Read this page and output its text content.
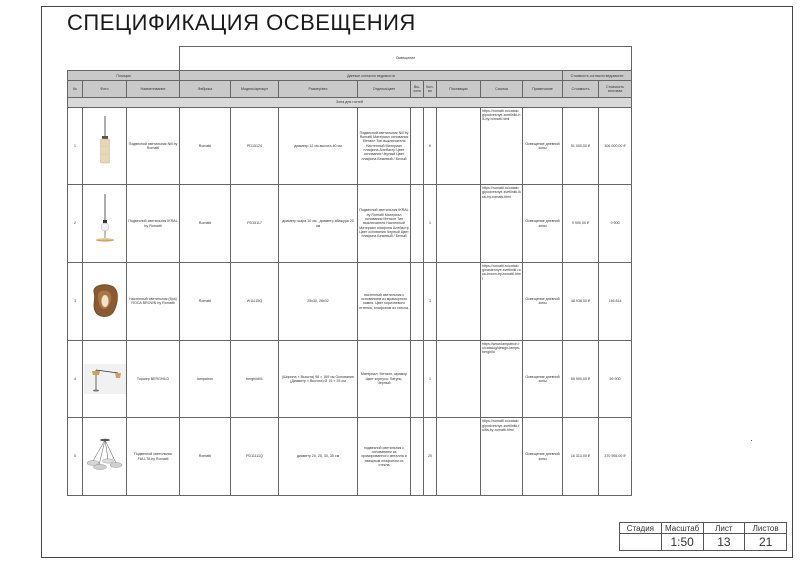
СПЕЦИФИКАЦИЯ ОСВЕЩЕНИЯ
			Освещение										
Позиция			Данные согласно ведомости									Стоимость согласно ведомости	
№	Фото	Наименование	Фабрика	Модель/артикул	Размер/вес	Отделка/цвет	Вы-сота	Кол-во	Поставщик	Ссылка	Примечание	Стоимость	Стоимость итоговая
Зона для гостей													
1		Подвесной светильник Nill by Romatti	Romatti	PD15124	диаметр 12 см высота 40 см	Подвесной светильник Nill by Romatti Материал основания Металл Тип выключателя Настенный Материал плафона Алебастр Цвет основания Черный Цвет плафона Бежевый / Белый		6		https://romatti.ru/catalog/podvesnye-svetilniki-nill-by-romatti.html	Освещение дневной зоны	51 000,00 ₽	306 000,00 ₽
2		Подвесной светильник IKRAL by Romatti	Romatti	PD15117	диаметр шара 10 см , диаметр абажура 20 см	Подвесной светильник IKRAL by Romatti Материал основания Металл Тип выключателя Настенный Материал плафона Алебастр Цвет основания Черный Цвет плафона Бежевый / Белый		1		https://romatti.ru/catalog/podvesnye-svetilniki-ikral-by-romatti.html	Освещение дневной зоны	9 900,00 ₽	9 900
3		Настенный светильник (бра) ROCA BROWN by Romatti	Romatti	W11115Q	25x30, 28x32	настенный светильник с основанием из мраморного камня. Цвет коричневого оттенка, плафоном из стекла.		3		https://romatti.ru/catalog/nastennye-svetilniki-roca-brown-by-romatti.html	Освещение дневной зоны	48 938,00 ₽	146 814
4		Торшер BERGHILD	lampatron	berghild01	(Ширина × Высота) 98 × 169 см Основание (Диаметр × Высота) Ø 15 × 25 см	Материал: Металл, мрамор Цвет корпуса: Латунь, Черный		1		https://www.lampatron.ru/catalog/design-lamps-berghild	Освещение дневной зоны	59 900,00 ₽	59 900
5		Подвесной светильник FULLTA by Romatti	Romatti	PD11111Q	диаметр 20, 25, 30, 35 см	подвесной светильник с основанием из хромированного металла и изящным плафоном из стекла		20		https://romatti.ru/catalog/podvesnye-svetilniki-fullta-by-romatti.html	Освещение дневной зоны	16 313,00 ₽	370 955,00 ₽
Стадия	Масштаб	Лист	Листов
	1:50	13	21
